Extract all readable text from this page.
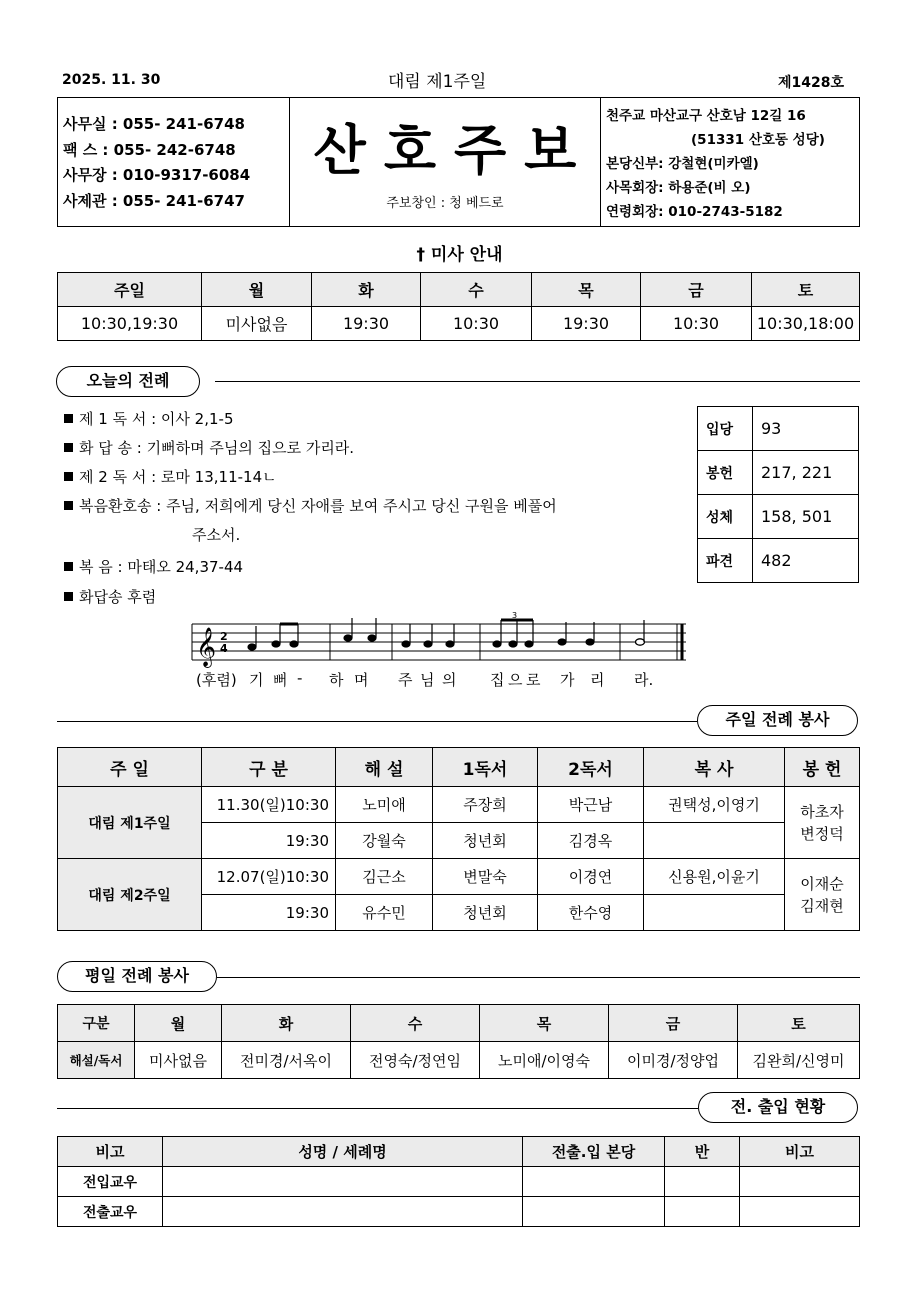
2025. 11. 30	대림 제1주일	제1428호
사무실 : 055- 241-6748
팩 스 : 055- 242-6748
사무장 : 010-9317-6084
사제관 : 055- 241-6747
산호주보
주보창인 : 청 베드로
천주교 마산교구 산호남 12길 16
(51331 산호동 성당)
본당신부: 강철현(미카엘)
사목회장: 하용준(비 오)
연령회장: 010-2743-5182
† 미사 안내
주일	월	화	수	목	금	토
10:30,19:30	미사없음	19:30	10:30	19:30	10:30	10:30,18:00
오늘의 전례
제 1 독 서 : 이사 2,1-5
화 답 송 : 기뻐하며 주님의 집으로 가리라.
제 2 독 서 : 로마 13,11-14ㄴ
복음환호송 : 주님, 저희에게 당신 자애를 보여 주시고 당신 구원을 베풀어
주소서.
복 음 : 마태오 24,37-44
화답송 후렴
입당	93
봉헌	217, 221
성체	158, 501
파견	482
𝄞 2
4
3
(후렴) 기 뻐 - 하 며 주 님 의 집 으 로 가 리 라.
주일 전례 봉사
주 일	구 분	해 설	1독서	2독서	복 사	봉 헌
대림 제1주일	11.30(일)10:30	노미애	주장희	박근남	권택성,이영기	하초자
변정덕
	19:30	강월숙	청년회	김경옥		
대림 제2주일	12.07(일)10:30	김근소	변말숙	이경연	신용원,이윤기	이재순
김재현
	19:30	유수민	청년회	한수영		
평일 전례 봉사
구분	월	화	수	목	금	토
해설/독서	미사없음	전미경/서옥이	전영숙/정연임	노미애/이영숙	이미경/정양업	김완희/신영미
전. 출입 현황
비고	성명 / 세례명	전출.입 본당	반	비고
전입교우				
전출교우				
